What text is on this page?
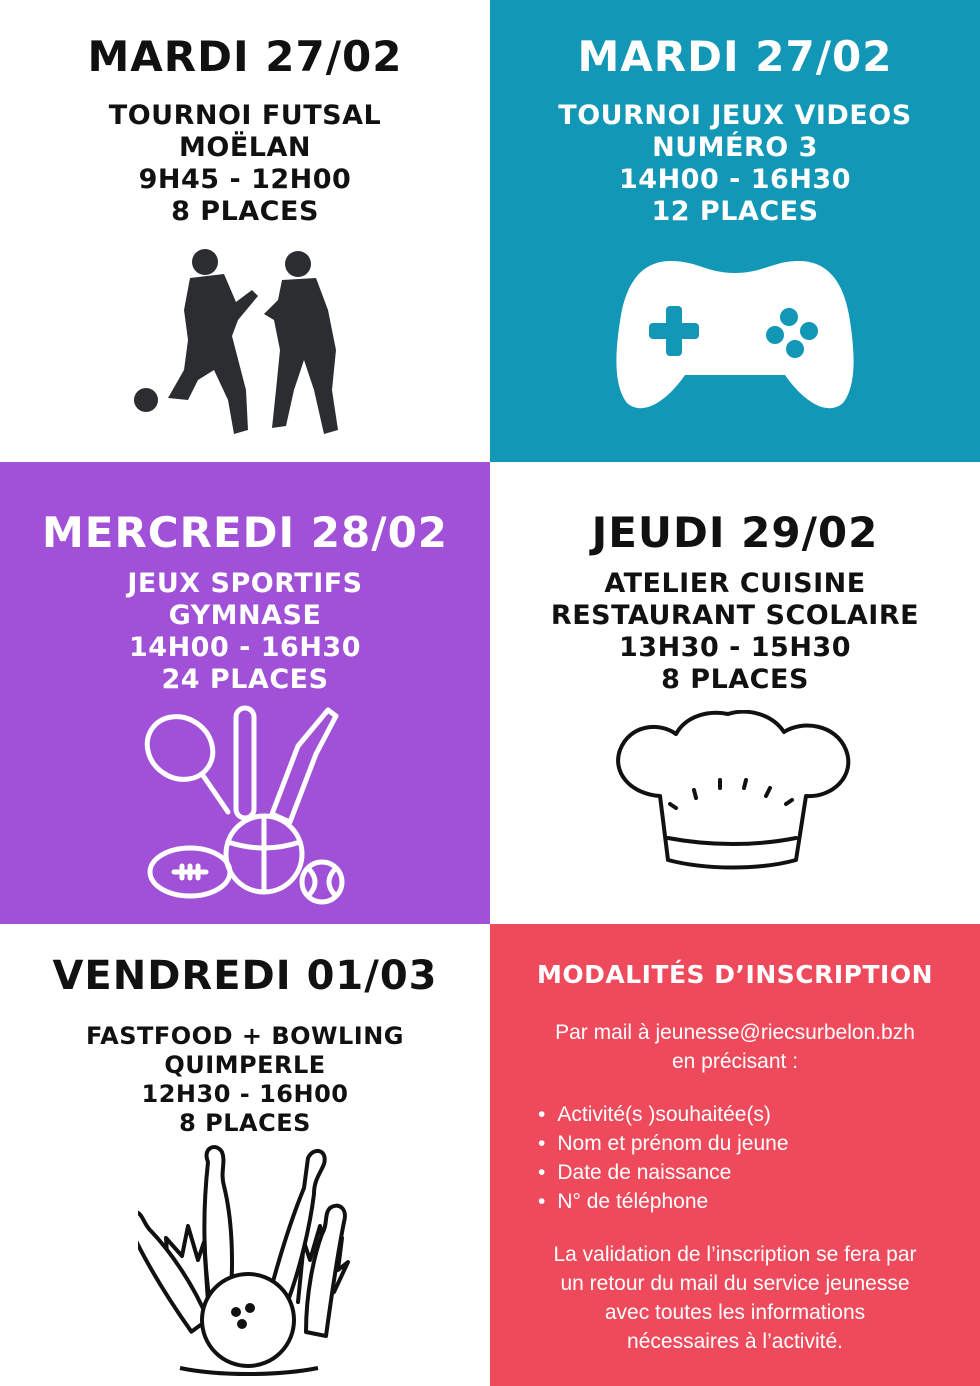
MARDI 27/02
TOURNOI FUTSAL
MOËLAN
9H45 - 12H00
8 PLACES
MARDI 27/02
TOURNOI JEUX VIDEOS
NUMÉRO 3
14H00 - 16H30
12 PLACES
MERCREDI 28/02
JEUX SPORTIFS
GYMNASE
14H00 - 16H30
24 PLACES
JEUDI 29/02
ATELIER CUISINE
RESTAURANT SCOLAIRE
13H30 - 15H30
8 PLACES
VENDREDI 01/03
FASTFOOD + BOWLING
QUIMPERLE
12H30 - 16H00
8 PLACES
MODALITÉS D’INSCRIPTION
Par mail à jeunesse@riecsurbelon.bzh
en précisant :
• Activité(s )souhaitée(s)
• Nom et prénom du jeune
• Date de naissance
• N° de téléphone
La validation de l’inscription se fera par
un retour du mail du service jeunesse
avec toutes les informations
nécessaires à l’activité.
